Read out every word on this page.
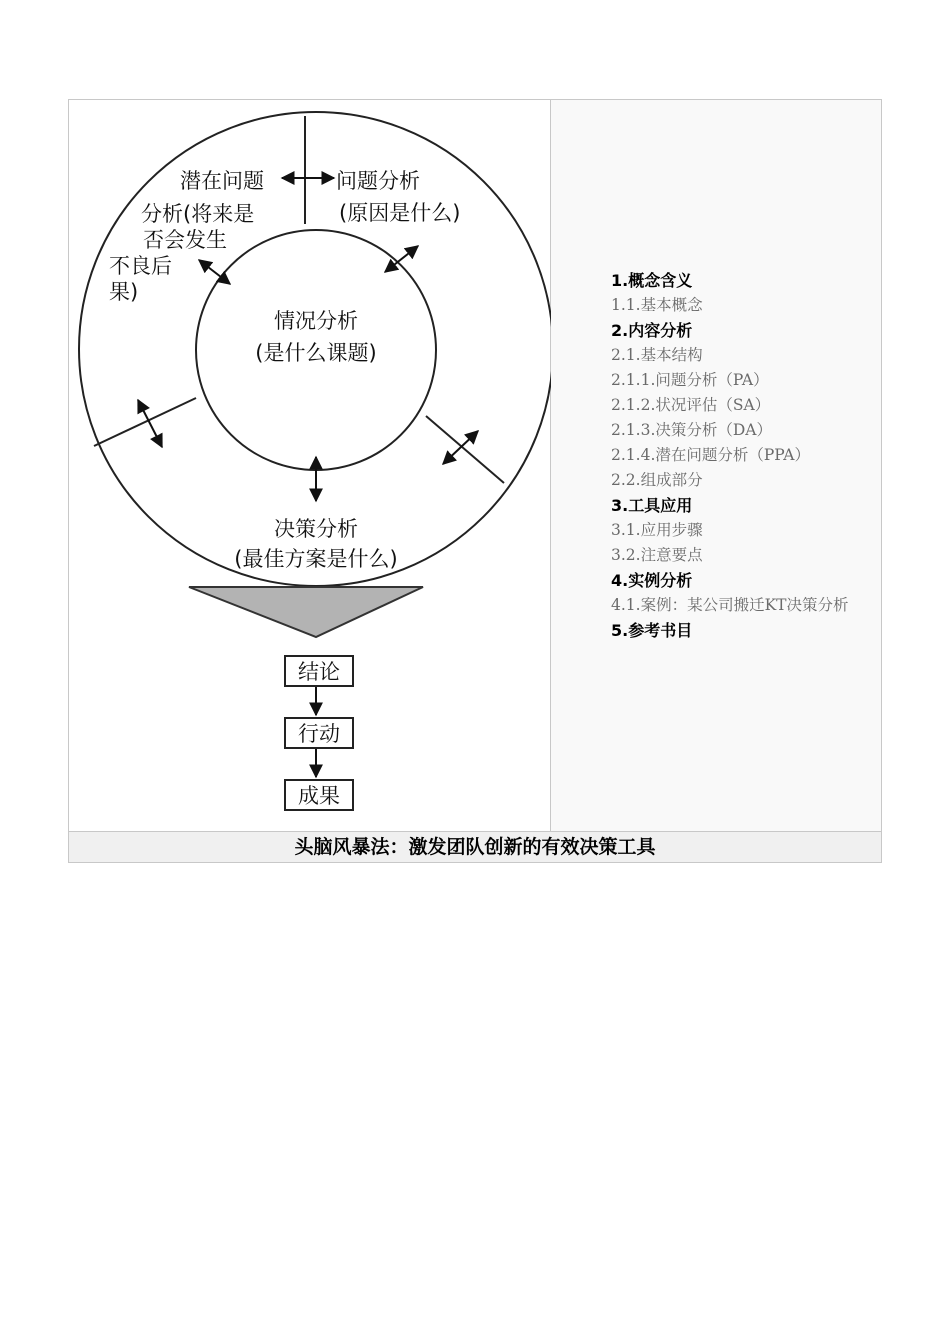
潜在问题	问题分析
(原因是什么)
分析(将来是
否会发生
不良后
果)
情况分析
(是什么课题)
决策分析
(最佳方案是什么)
结论
行动
成果
1.概念含义
1.1.基本概念
2.内容分析
2.1.基本结构
2.1.1.问题分析（PA）
2.1.2.状况评估（SA）
2.1.3.决策分析（DA）
2.1.4.潜在问题分析（PPA）
2.2.组成部分
3.工具应用
3.1.应用步骤
3.2.注意要点
4.实例分析
4.1.案例：某公司搬迁KT决策分析
5.参考书目
头脑风暴法：激发团队创新的有效决策工具
